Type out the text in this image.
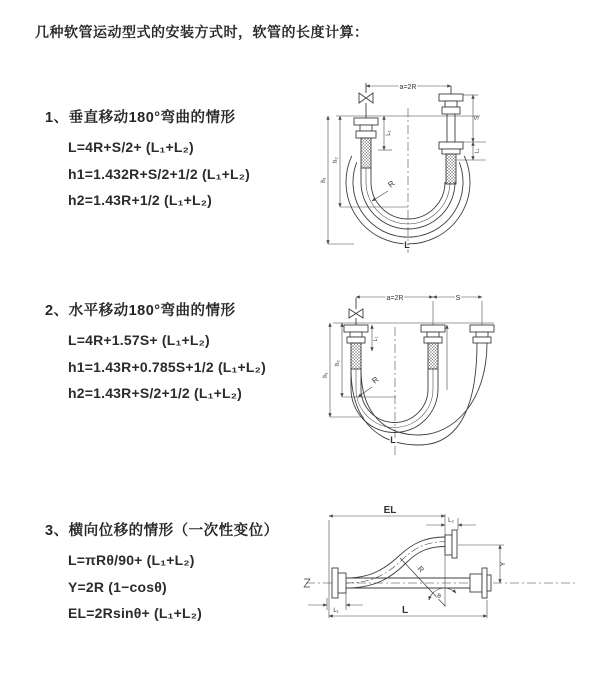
几种软管运动型式的安装方式时，软管的长度计算：
1、垂直移动180°弯曲的情形
L=4R+S/2+ (L₁+L₂)
h1=1.432R+S/2+1/2 (L₁+L₂)
h2=1.43R+1/2 (L₁+L₂)
a=2R
L₁
S
L₁
h₁
h₂
R
L
2、水平移动180°弯曲的情形
L=4R+1.57S+ (L₁+L₂)
h1=1.43R+0.785S+1/2 (L₁+L₂)
h2=1.43R+S/2+1/2 (L₁+L₂)
a=2R	S
L₁
h₁
h₂
R
L
3、横向位移的情形（一次性变位）
L=πRθ/90+ (L₁+L₂)
Y=2R (1−cosθ)
EL=2Rsinθ+ (L₁+L₂)
EL
L₂
Y
R
θ
L₁	L
